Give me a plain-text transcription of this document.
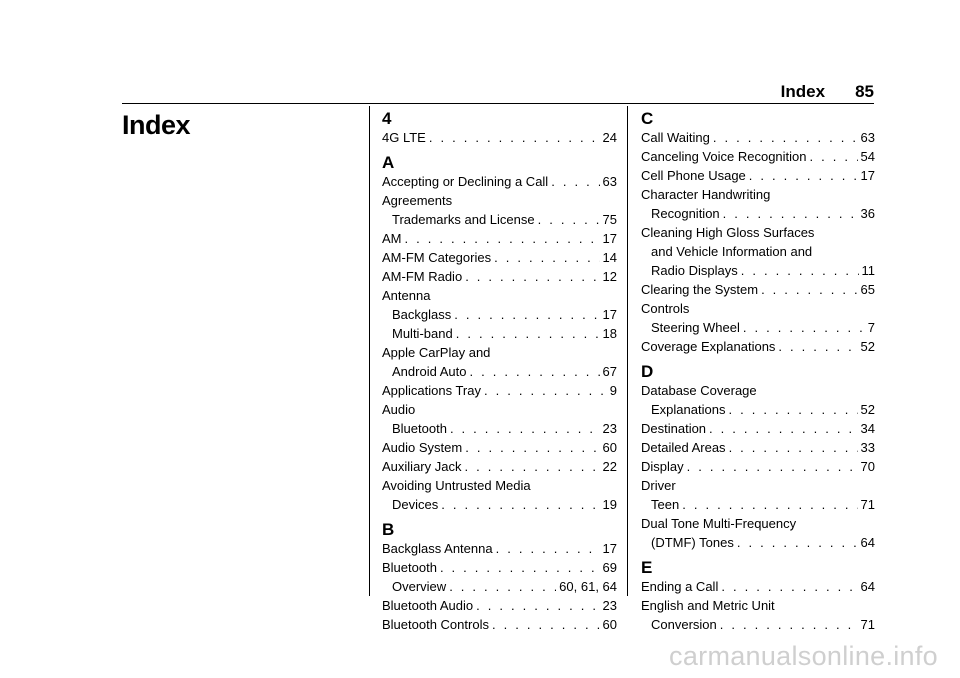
Index 85
Index	4
4G LTE . . .	24
A
Accepting or Declining a Call . . .	63
Agreements
Trademarks and License . . .	75
AM . . .	17
AM-FM Categories . . .	14
AM-FM Radio . . .	12
Antenna
Backglass . . .	17
Multi-band . . .	18
Apple CarPlay and
Android Auto . . .	67
Applications Tray . . .	9
Audio
Bluetooth . . .	23
Audio System . . .	60
Auxiliary Jack . . .	22
Avoiding Untrusted Media
Devices . . .	19
B
Backglass Antenna . . .	17
Bluetooth . . .	69
Overview . . .	60, 61, 64
Bluetooth Audio . . .	23
Bluetooth Controls . . .	60
C
Call Waiting . . .	63
Canceling Voice Recognition . . .	54
Cell Phone Usage . . .	17
Character Handwriting
Recognition . . .	36
Cleaning High Gloss Surfaces
and Vehicle Information and
Radio Displays . . .	11
Clearing the System . . .	65
Controls
Steering Wheel . . .	7
Coverage Explanations . . .	52
D
Database Coverage
Explanations . . .	52
Destination . . .	34
Detailed Areas . . .	33
Display . . .	70
Driver
Teen . . .	71
Dual Tone Multi-Frequency
(DTMF) Tones . . .	64
E
Ending a Call . . .	64
English and Metric Unit
Conversion . . .	71
carmanualsonline.info
